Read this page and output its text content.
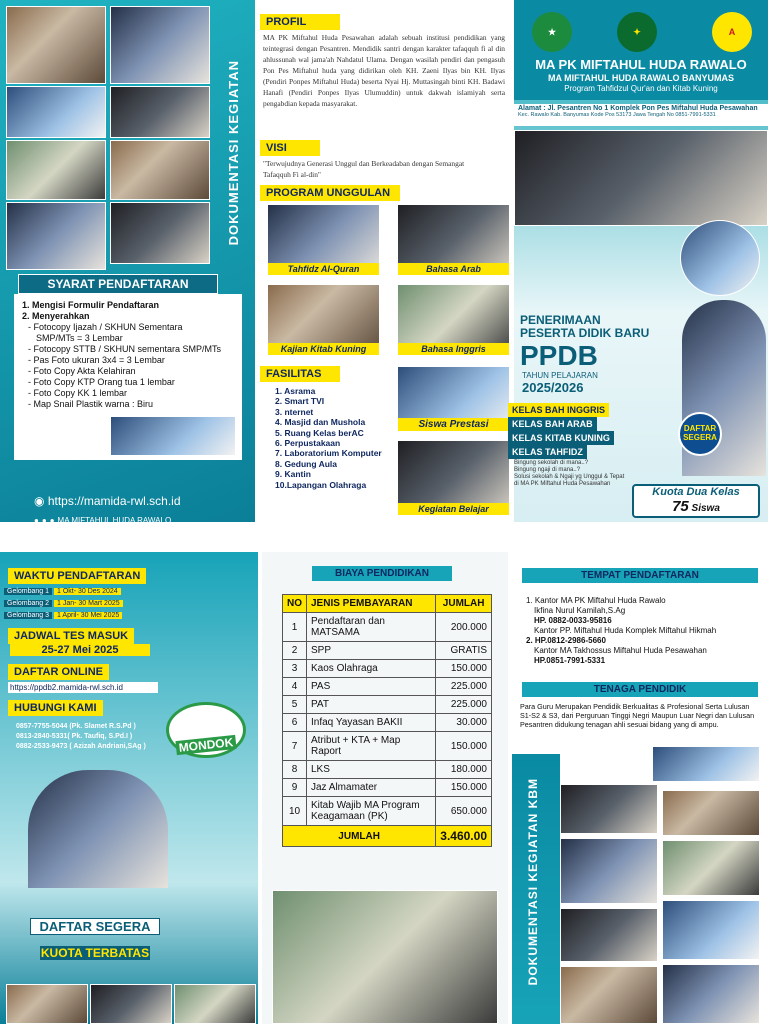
DOKUMENTASI KEGIATAN
SYARAT PENDAFTARAN
1. Mengisi Formulir Pendaftaran
2. Menyerahkan
- Fotocopy Ijazah / SKHUN Sementara
SMP/MTs = 3 Lembar
- Fotocopy STTB / SKHUN sementara SMP/MTs
- Pas Foto ukuran 3x4 = 3 Lembar
- Foto Copy Akta Kelahiran
- Foto Copy KTP Orang tua 1 lembar
- Foto Copy KK 1 lembar
- Map Snail Plastik warna : Biru
◉ https://mamida-rwl.sch.id
● ● ● MA MIFTAHUL HUDA RAWALO
PROFIL
MA PK Miftahul Huda Pesawahan adalah sebuah institusi pendidikan yang teintegrasi dengan Pesantren. Mendidik santri dengan karakter tafaqquh fi al din ahlussunah wal jama'ah Nahdatul Ulama. Dengan wasilah pendiri dan pengasuh Pon Pes Miftahul huda yang didirikan oleh KH. Zaeni Ilyas bin KH. Ilyas (Pendiri Ponpes Miftahul Huda) beserta Nyai Hj. Muttasingah binti KH. Badawi Hanafi (Pendiri Ponpes Ilyas Ulumuddin) untuk dakwah islamiyah serta pengabdian kepada masyarakat.
VISI
"Terwujudnya Generasi Unggul dan Berkeadaban dengan Semangat Tafaqquh Fi al-din"
PROGRAM UNGGULAN
Tahfidz Al-Quran	Bahasa Arab
Kajian Kitab Kuning	Bahasa Inggris
FASILITAS
1. Asrama
2. Smart TVI
3. nternet
4. Masjid dan Mushola
5. Ruang Kelas berAC
6. Perpustakaan
7. Laboratorium Komputer
8. Gedung Aula
9. Kantin
10.Lapangan Olahraga
Siswa Prestasi
Kegiatan Belajar
★	✦	A
MA PK MIFTAHUL HUDA RAWALO
MA MIFTAHUL HUDA RAWALO BANYUMAS
Program Tahfidzul Qur'an dan Kitab Kuning
Alamat : Jl. Pesantren No 1 Komplek Pon Pes Miftahul Huda Pesawahan
Kec. Rawalo Kab. Banyumas Kode Pos 53173 Jawa Tengah No 0851-7991-5331
PENERIMAAN
PESERTA DIDIK BARU
PPDB
TAHUN PELAJARAN
2025/2026
DAFTAR SEGERA
Bingung sekolah di mana..?
Bingung ngaji di mana..?
Solusi sekolah & Ngaji yg Unggul & Tepat
di MA PK Miftahul Huda Pesawahan
Kuota Dua Kelas
75 Siswa
KELAS BAH INGGRIS
KELAS BAH ARAB
KELAS KITAB KUNING
KELAS TAHFIDZ
WAKTU PENDAFTARAN
Gelombang 1 1 Okt- 30 Des 2024
Gelombang 2 1 Jan- 30 Mart 2025
Gelombang 3 1 April- 30 Mei 2025
JADWAL TES MASUK
25-27 Mei 2025
DAFTAR ONLINE
https://ppdb2.mamida-rwl.sch.id
HUBUNGI KAMI
0857-7755-5044 (Pk. Slamet R.S.Pd )
0813-2840-5331( Pk. Taufiq, S.Pd.I )
0882-2533-9473 ( Azizah Andriani,SAg )	MONDOK
DAFTAR SEGERA
KUOTA TERBATAS
BIAYA PENDIDIKAN
NO	JENIS PEMBAYARAN	JUMLAH
1	Pendaftaran dan MATSAMA	200.000
2	SPP	GRATIS
3	Kaos Olahraga	150.000
4	PAS	225.000
5	PAT	225.000
6	Infaq Yayasan BAKII	30.000
7	Atribut + KTA + Map Raport	150.000
8	LKS	180.000
9	Jaz Almamater	150.000
10	Kitab Wajib MA Program Keagamaan (PK)	650.000
JUMLAH		3.460.00
TEMPAT PENDAFTARAN
1. Kantor MA PK Miftahul Huda Rawalo
Ikfina Nurul Kamilah,S.Ag
HP. 0882-0033-95816
Kantor PP. Miftahul Huda Komplek Miftahul Hikmah
2. HP.0812-2986-5660
Kantor MA Takhossus Miftahul Huda Pesawahan
HP.0851-7991-5331
TENAGA PENDIDIK
Para Guru Merupakan Pendidik Berkualitas & Profesional Serta Lulusan S1-S2 & S3, dari Perguruan Tinggi Negri Maupun Luar Negri dan Lulusan Pesantren didukung tenagan ahli sesuai bidang yang di ampu.
DOKUMENTASI KEGIATAN KBM
